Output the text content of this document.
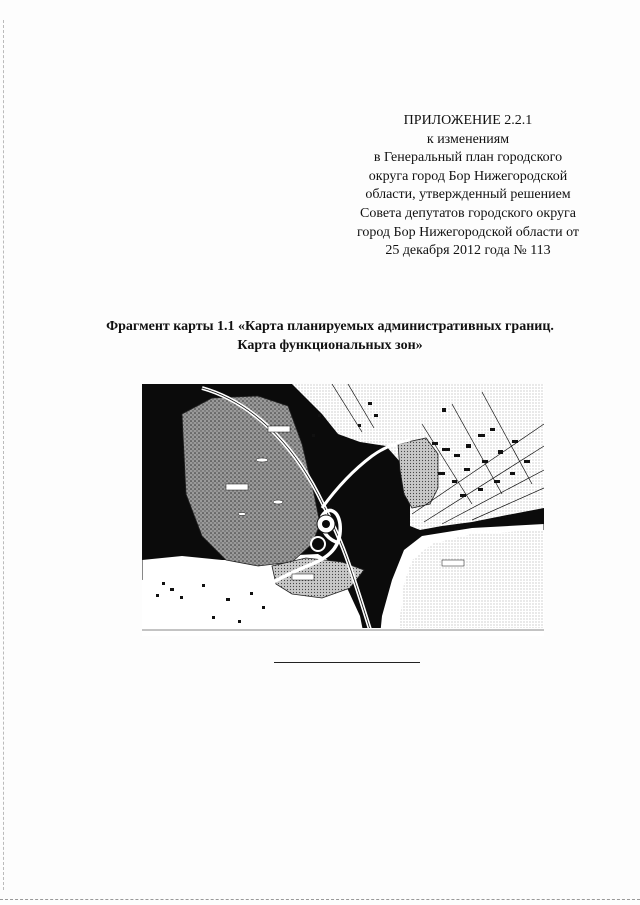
ПРИЛОЖЕНИЕ 2.2.1
к изменениям
в Генеральный план городского
округа город Бор Нижегородской
области, утвержденный решением
Совета депутатов городского округа
город Бор Нижегородской области от
25 декабря 2012 года № 113
Фрагмент карты 1.1 «Карта планируемых административных границ.
Карта функциональных зон»
